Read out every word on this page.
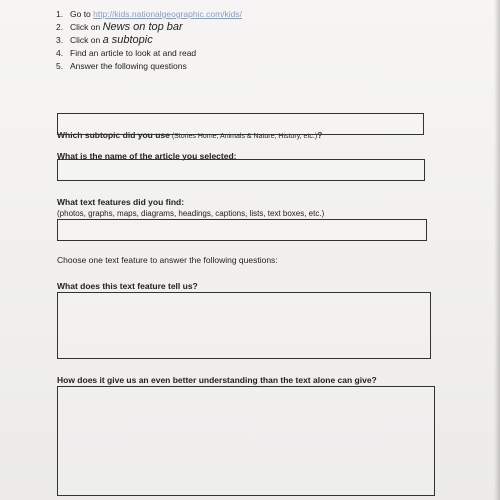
1. Go to http://kids.nationalgeographic.com/kids/
2. Click on News on top bar
3. Click on a subtopic
4. Find an article to look at and read
5. Answer the following questions
Which subtopic did you use (Stories Home, Animals & Nature, History, etc.)?
What is the name of the article you selected:
What text features did you find:
(photos, graphs, maps, diagrams, headings, captions, lists, text boxes, etc.)
Choose one text feature to answer the following questions:
What does this text feature tell us?
How does it give us an even better understanding than the text alone can give?
